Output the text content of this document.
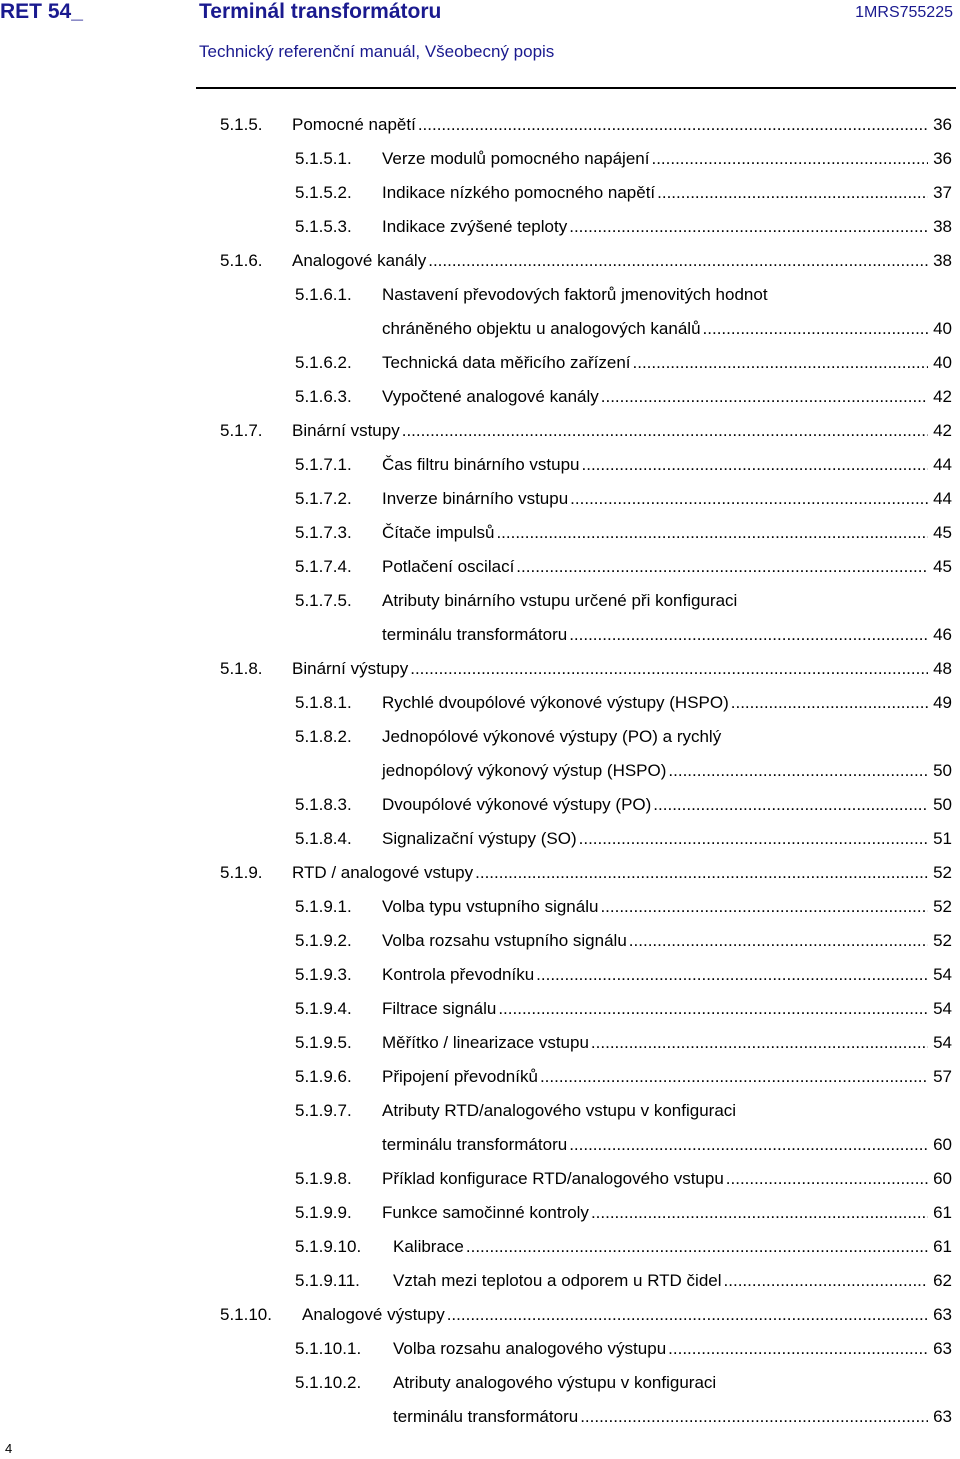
RET 54_	Terminál transformátoru	1MRS755225
Technický referenční manuál, Všeobecný popis
5.1.5. Pomocné napětí .....	36
5.1.5.1. Verze modulů pomocného napájení .....	36
5.1.5.2. Indikace nízkého pomocného napětí .....	37
5.1.5.3. Indikace zvýšené teploty .....	38
5.1.6. Analogové kanály .....	38
5.1.6.1. Nastavení převodových faktorů jmenovitých hodnot
chráněného objektu u analogových kanálů .....	40
5.1.6.2. Technická data měřicího zařízení .....	40
5.1.6.3. Vypočtené analogové kanály .....	42
5.1.7. Binární vstupy .....	42
5.1.7.1. Čas filtru binárního vstupu .....	44
5.1.7.2. Inverze binárního vstupu .....	44
5.1.7.3. Čítače impulsů .....	45
5.1.7.4. Potlačení oscilací .....	45
5.1.7.5. Atributy binárního vstupu určené při konfiguraci
terminálu transformátoru .....	46
5.1.8. Binární výstupy .....	48
5.1.8.1. Rychlé dvoupólové výkonové výstupy (HSPO) .....	49
5.1.8.2. Jednopólové výkonové výstupy (PO) a rychlý
jednopólový výkonový výstup (HSPO) .....	50
5.1.8.3. Dvoupólové výkonové výstupy (PO) .....	50
5.1.8.4. Signalizační výstupy (SO) .....	51
5.1.9. RTD / analogové vstupy .....	52
5.1.9.1. Volba typu vstupního signálu .....	52
5.1.9.2. Volba rozsahu vstupního signálu .....	52
5.1.9.3. Kontrola převodníku .....	54
5.1.9.4. Filtrace signálu .....	54
5.1.9.5. Měřítko / linearizace vstupu .....	54
5.1.9.6. Připojení převodníků .....	57
5.1.9.7. Atributy RTD/analogového vstupu v konfiguraci
terminálu transformátoru .....	60
5.1.9.8. Příklad konfigurace RTD/analogového vstupu .....	60
5.1.9.9. Funkce samočinné kontroly .....	61
5.1.9.10. Kalibrace .....	61
5.1.9.11. Vztah mezi teplotou a odporem u RTD čidel .....	62
5.1.10. Analogové výstupy .....	63
5.1.10.1. Volba rozsahu analogového výstupu .....	63
5.1.10.2. Atributy analogového výstupu v konfiguraci
terminálu transformátoru .....	63
4
